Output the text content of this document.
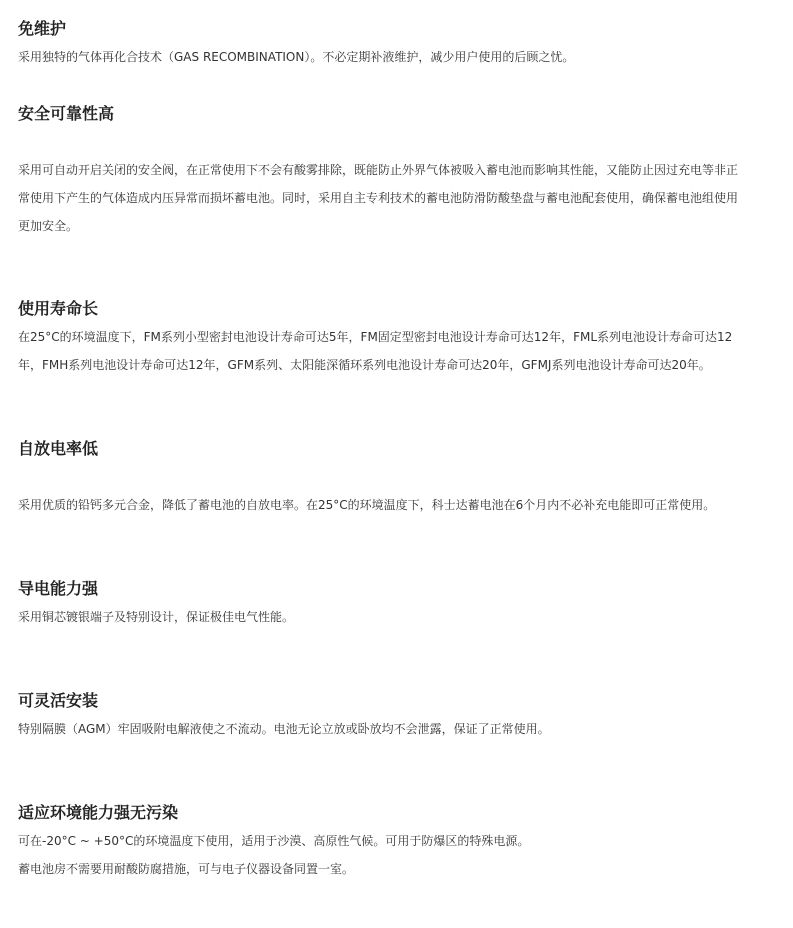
免维护

采用独特的气体再化合技术（GAS RECOMBINATION）。不必定期补液维护，减少用户使用的后顾之忧。

安全可靠性高

采用可自动开启关闭的安全阀，在正常使用下不会有酸雾排除，既能防止外界气体被吸入蓄电池而影响其性能，又能防止因过充电等非正常使用下产生的气体造成内压异常而损坏蓄电池。同时，采用自主专利技术的蓄电池防滑防酸垫盘与蓄电池配套使用，确保蓄电池组使用更加安全。

使用寿命长

在25°C的环境温度下，FM系列小型密封电池设计寿命可达5年，FM固定型密封电池设计寿命可达12年，FML系列电池设计寿命可达12年，FMH系列电池设计寿命可达12年，GFM系列、太阳能深循环系列电池设计寿命可达20年，GFMJ系列电池设计寿命可达20年。

自放电率低

采用优质的铅钙多元合金，降低了蓄电池的自放电率。在25°C的环境温度下，科士达蓄电池在6个月内不必补充电能即可正常使用。

导电能力强

采用铜芯镀银端子及特别设计，保证极佳电气性能。

可灵活安装

特别隔膜（AGM）牢固吸附电解液使之不流动。电池无论立放或卧放均不会泄露，保证了正常使用。

适应环境能力强无污染

可在-20°C ~ +50°C的环境温度下使用，适用于沙漠、高原性气候。可用于防爆区的特殊电源。

蓄电池房不需要用耐酸防腐措施，可与电子仪器设备同置一室。
